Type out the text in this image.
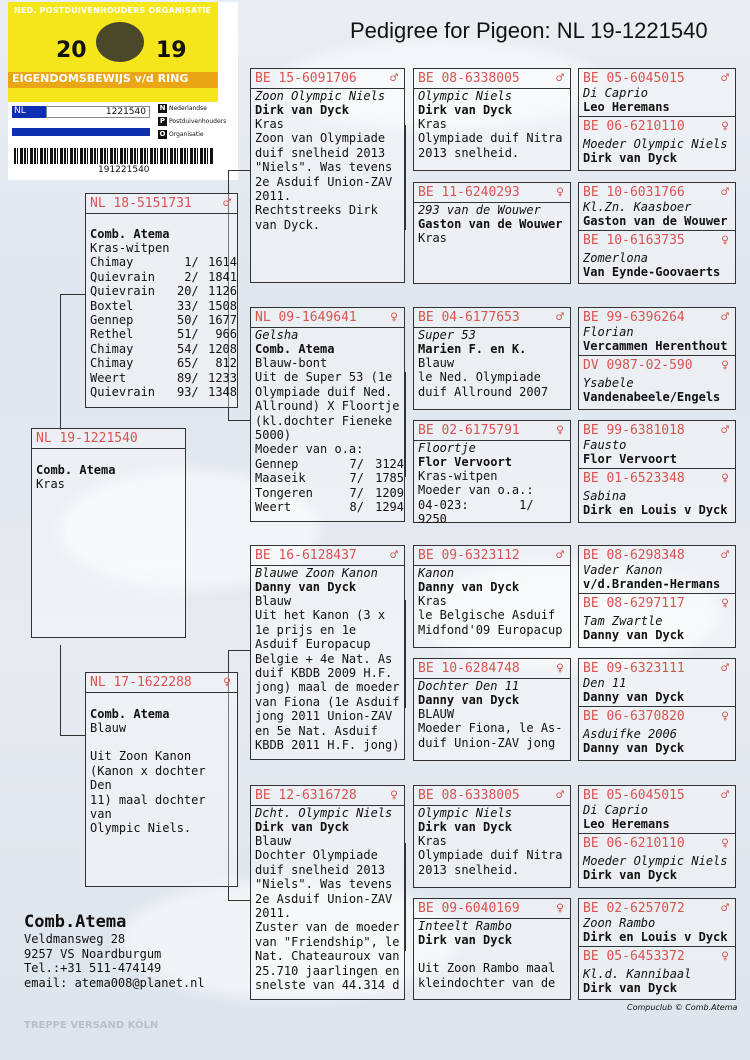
Pedigree for Pigeon: NL 19-1221540
NED. POSTDUIVENHOUDERS ORGANISATIE
20	19
EIGENDOMSBEWIJS v/d RING
NL	1221540	N Nederlandse
P Postduivenhouders
O Organisatie
191221540
NL 19-1221540
Comb. Atema
Kras
NL 18-5151731 ♂
Comb. Atema
Kras-witpen
Chimay	1/	1614
Quievrain	2/	1841
Quievrain	20/	1126
Boxtel	33/	1508
Gennep	50/	1677
Rethel	51/	966
Chimay	54/	1208
Chimay	65/	812
Weert	89/	1233
Quievrain	93/	1348
NL 17-1622288 ♀
Comb. Atema
Blauw
Uit Zoon Kanon
(Kanon x dochter Den
11) maal dochter van
Olympic Niels.
BE 15-6091706	♂
Zoon Olympic Niels
Dirk van Dyck
Kras
Zoon van Olympiade
duif snelheid 2013
"Niels". Was tevens
2e Asduif Union-ZAV
2011.
Rechtstreeks Dirk
van Dyck.
NL 09-1649641	♀
Gelsha
Comb. Atema
Blauw-bont
Uit de Super 53 (1e
Olympiade duif Ned.
Allround) X Floortje
(kl.dochter Fieneke
5000)
Moeder van o.a:
Gennep	7/	3124
Maaseik	7/	1785
Tongeren	7/	1209
Weert	8/	1294
BE 16-6128437	♂
Blauwe Zoon Kanon
Danny van Dyck
Blauw
Uit het Kanon (3 x
1e prijs en 1e
Asduif Europacup
Belgie + 4e Nat. As
duif KBDB 2009 H.F.
jong) maal de moeder
van Fiona (1e Asduif
jong 2011 Union-ZAV
en 5e Nat. Asduif
KBDB 2011 H.F. jong)
BE 12-6316728	♀
Dcht. Olympic Niels
Dirk van Dyck
Blauw
Dochter Olympiade
duif snelheid 2013
"Niels". Was tevens
2e Asduif Union-ZAV
2011.
Zuster van de moeder
van "Friendship", le
Nat. Chateauroux van
25.710 jaarlingen en
snelste van 44.314 d
BE 08-6338005	♂
Olympic Niels
Dirk van Dyck
Kras
Olympiade duif Nitra
2013 snelheid.
BE 11-6240293	♀
293 van de Wouwer
Gaston van de Wouwer
Kras
BE 04-6177653	♂
Super 53
Marien F. en K.
Blauw
le Ned. Olympiade
duif Allround 2007
BE 02-6175791	♀
Floortje
Flor Vervoort
Kras-witpen
Moeder van o.a.:
04-023:       1/ 9250
BE 09-6323112	♂
Kanon
Danny van Dyck
Kras
le Belgische Asduif
Midfond'09 Europacup
BE 10-6284748	♀
Dochter Den 11
Danny van Dyck
BLAUW
Moeder Fiona, le As-
duif Union-ZAV jong
BE 08-6338005	♂
Olympic Niels
Dirk van Dyck
Kras
Olympiade duif Nitra
2013 snelheid.
BE 09-6040169	♀
Inteelt Rambo
Dirk van Dyck

Uit Zoon Rambo maal
kleindochter van de
BE 05-6045015	♂
Di Caprio
Leo Heremans
BE 06-6210110	♀
Moeder Olympic Niels
Dirk van Dyck
BE 10-6031766	♂
Kl.Zn. Kaasboer
Gaston van de Wouwer
BE 10-6163735	♀
Zomerlona
Van Eynde-Goovaerts
BE 99-6396264	♂
Florian
Vercammen Herenthout
DV 0987-02-590 ♀
Ysabele
Vandenabeele/Engels
BE 99-6381018	♂
Fausto
Flor Vervoort
BE 01-6523348	♀
Sabina
Dirk en Louis v Dyck
BE 08-6298348	♂
Vader Kanon
v/d.Branden-Hermans
BE 08-6297117	♀
Tam Zwartle
Danny van Dyck
BE 09-6323111	♂
Den 11
Danny van Dyck
BE 06-6370820	♀
Asduifke 2006
Danny van Dyck
BE 05-6045015	♂
Di Caprio
Leo Heremans
BE 06-6210110	♀
Moeder Olympic Niels
Dirk van Dyck
BE 02-6257072	♂
Zoon Rambo
Dirk en Louis v Dyck
BE 05-6453372	♀
Kl.d. Kannibaal
Dirk van Dyck
Comb.Atema
Veldmansweg 28
9257 VS Noardburgum
Tel.:+31 511-474149
email: atema008@planet.nl
Compuclub © Comb.Atema
TREPPE VERSAND KÖLN
